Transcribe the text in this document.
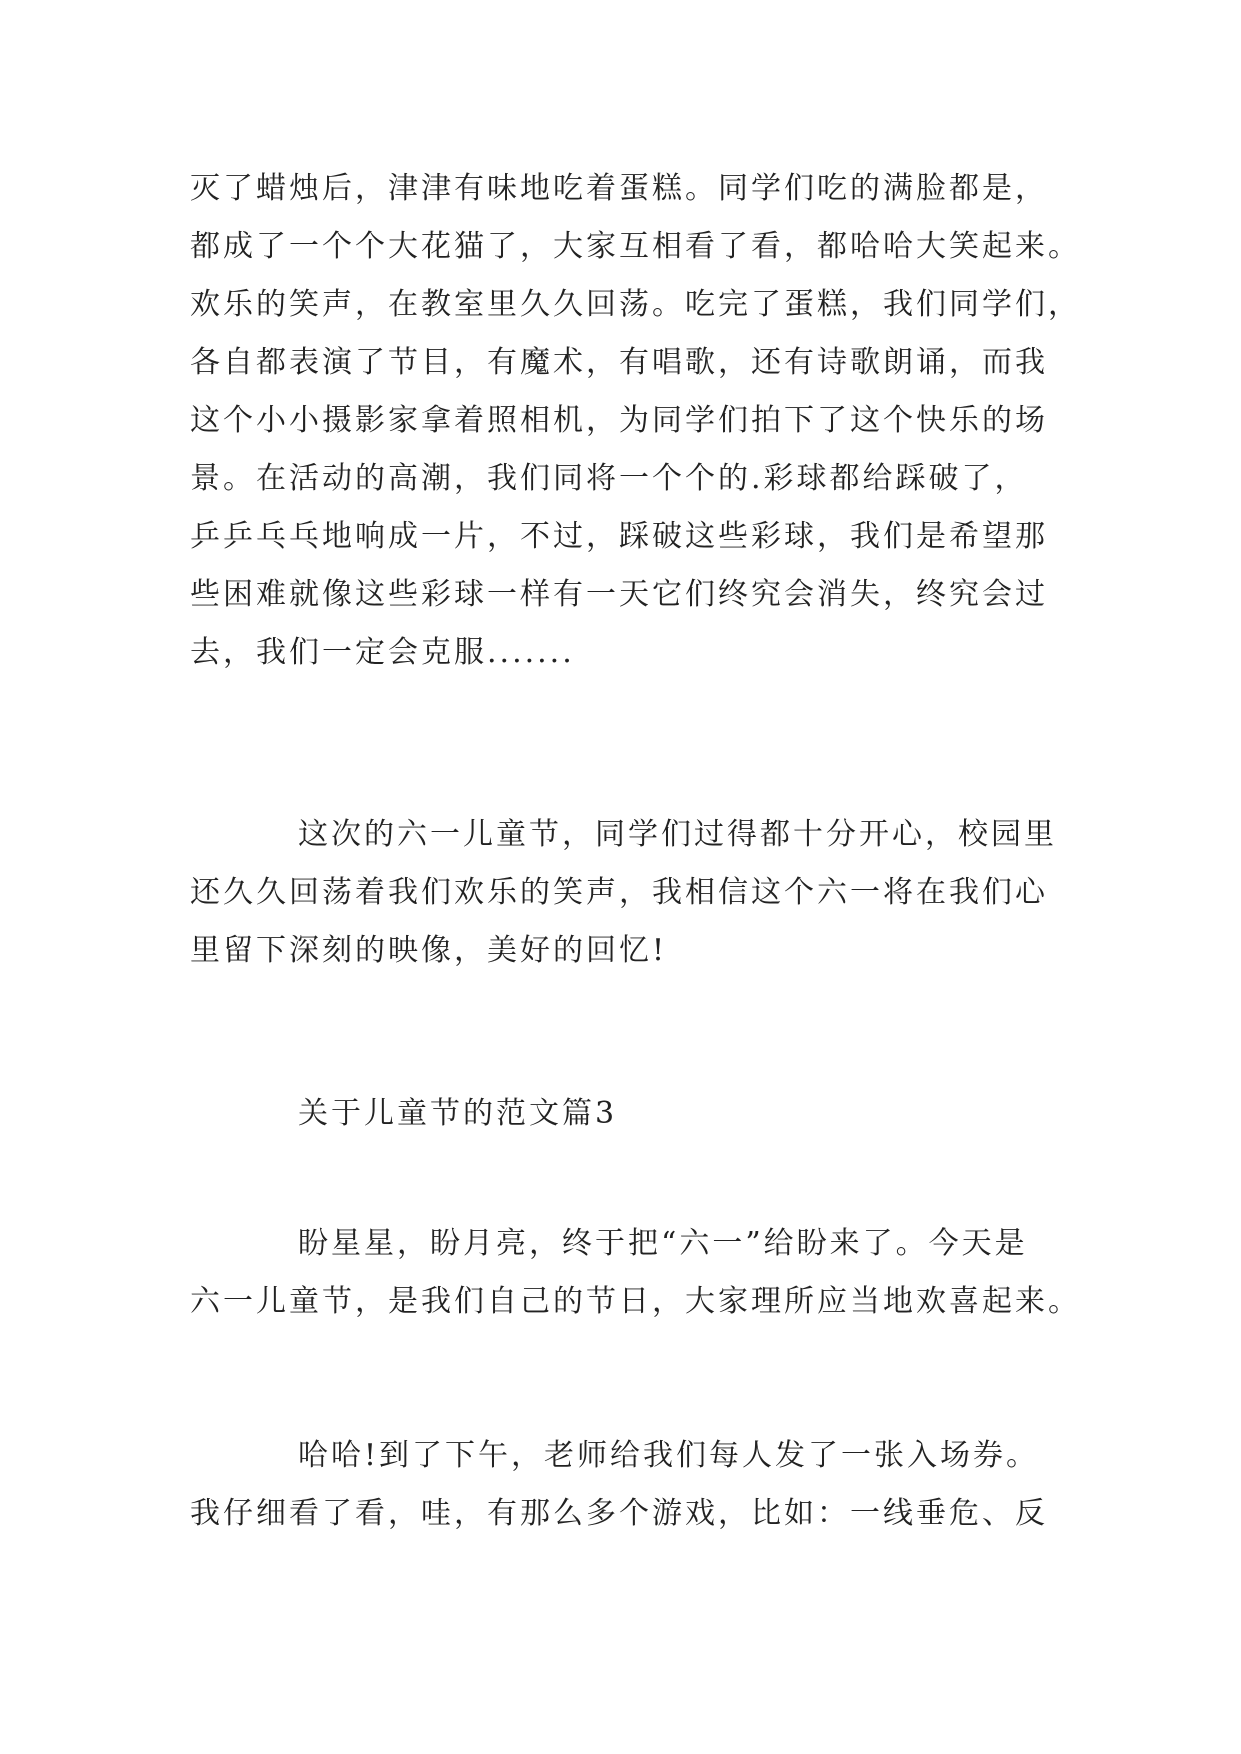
灭了蜡烛后，津津有味地吃着蛋糕。同学们吃的满脸都是，
都成了一个个大花猫了，大家互相看了看，都哈哈大笑起来。
欢乐的笑声，在教室里久久回荡。吃完了蛋糕，我们同学们，
各自都表演了节目，有魔术，有唱歌，还有诗歌朗诵，而我
这个小小摄影家拿着照相机，为同学们拍下了这个快乐的场
景。在活动的高潮，我们同将一个个的.彩球都给踩破了，
乒乒乓乓地响成一片，不过，踩破这些彩球，我们是希望那
些困难就像这些彩球一样有一天它们终究会消失，终究会过
去，我们一定会克服.......
这次的六一儿童节，同学们过得都十分开心，校园里
还久久回荡着我们欢乐的笑声，我相信这个六一将在我们心
里留下深刻的映像，美好的回忆!
关于儿童节的范文篇3
盼星星，盼月亮，终于把“六一”给盼来了。今天是
六一儿童节，是我们自己的节日，大家理所应当地欢喜起来。
哈哈!到了下午，老师给我们每人发了一张入场券。
我仔细看了看，哇，有那么多个游戏，比如：一线垂危、反
